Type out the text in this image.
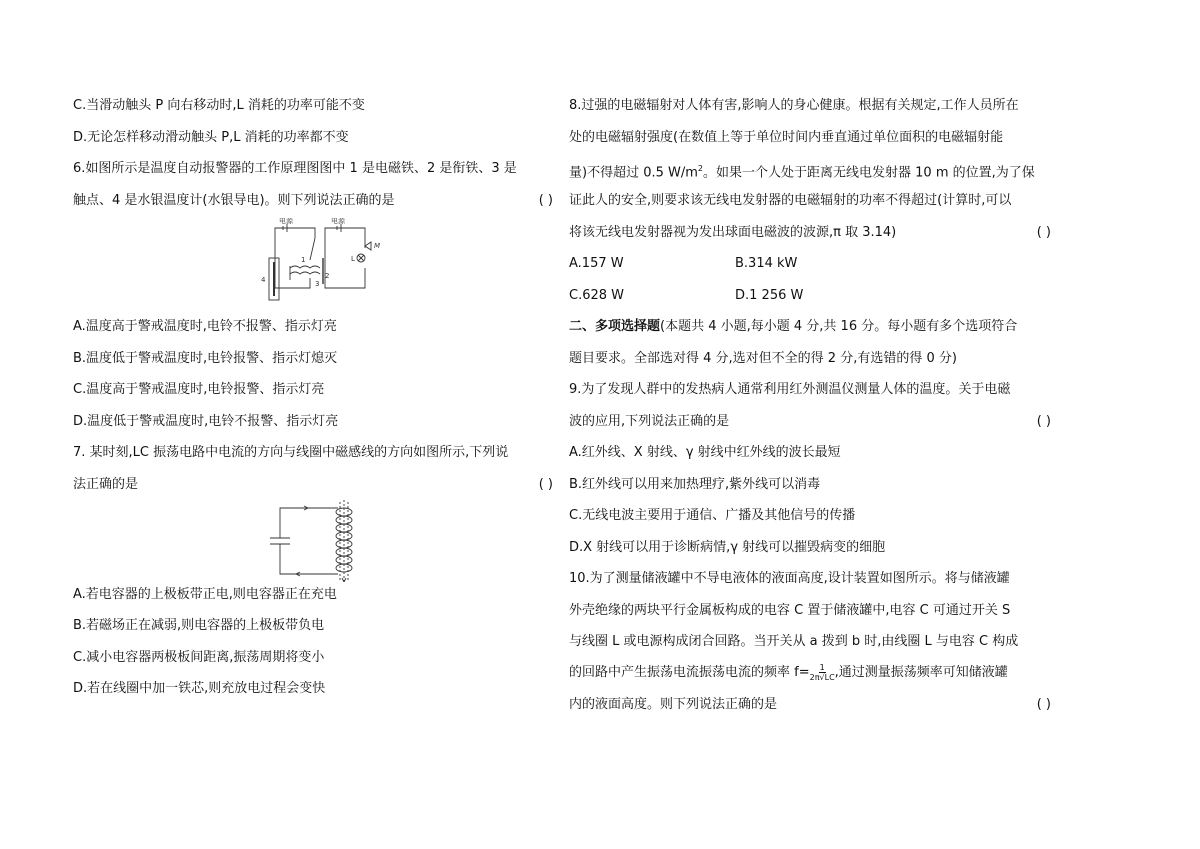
C.当滑动触头 P 向右移动时,L 消耗的功率可能不变
D.无论怎样移动滑动触头 P,L 消耗的功率都不变
6.如图所示是温度自动报警器的工作原理图图中 1 是电磁铁、2 是衔铁、3 是
触点、4 是水银温度计(水银导电)。则下列说法正确的是	( )
电源	电源
M
L
1
2
3
4
A.温度高于警戒温度时,电铃不报警、指示灯亮
B.温度低于警戒温度时,电铃报警、指示灯熄灭
C.温度高于警戒温度时,电铃报警、指示灯亮
D.温度低于警戒温度时,电铃不报警、指示灯亮
7. 某时刻,LC 振荡电路中电流的方向与线圈中磁感线的方向如图所示,下列说
法正确的是	( )
A.若电容器的上极板带正电,则电容器正在充电
B.若磁场正在减弱,则电容器的上极板带负电
C.减小电容器两极板间距离,振荡周期将变小
D.若在线圈中加一铁芯,则充放电过程会变快
8.过强的电磁辐射对人体有害,影响人的身心健康。根据有关规定,工作人员所在
处的电磁辐射强度(在数值上等于单位时间内垂直通过单位面积的电磁辐射能
量)不得超过 0.5 $W/m^2$。如果一个人处于距离无线电发射器 10 m 的位置,为了保
证此人的安全,则要求该无线电发射器的电磁辐射的功率不得超过(计算时,可以
将该无线电发射器视为发出球面电磁波的波源,π 取 3.14)	( )
A.157 W	B.314 kW
C.628 W	D.1 256 W
二、多项选择题(本题共 4 小题,每小题 4 分,共 16 分。每小题有多个选项符合
题目要求。全部选对得 4 分,选对但不全的得 2 分,有选错的得 0 分)
9.为了发现人群中的发热病人通常利用红外测温仪测量人体的温度。关于电磁
波的应用,下列说法正确的是	( )
A.红外线、X 射线、γ 射线中红外线的波长最短
B.红外线可以用来加热理疗,紫外线可以消毒
C.无线电波主要用于通信、广播及其他信号的传播
D.X 射线可以用于诊断病情,γ 射线可以摧毁病变的细胞
10.为了测量储液罐中不导电液体的液面高度,设计装置如图所示。将与储液罐
外壳绝缘的两块平行金属板构成的电容 C 置于储液罐中,电容 C 可通过开关 S
与线圈 L 或电源构成闭合回路。当开关从 a 拨到 b 时,由线圈 L 与电容 C 构成
的回路中产生振荡电流振荡电流的频率 $f= \frac{1}{2\pi√LC}$ ,通过测量振荡频率可知储液罐
内的液面高度。则下列说法正确的是	( )
